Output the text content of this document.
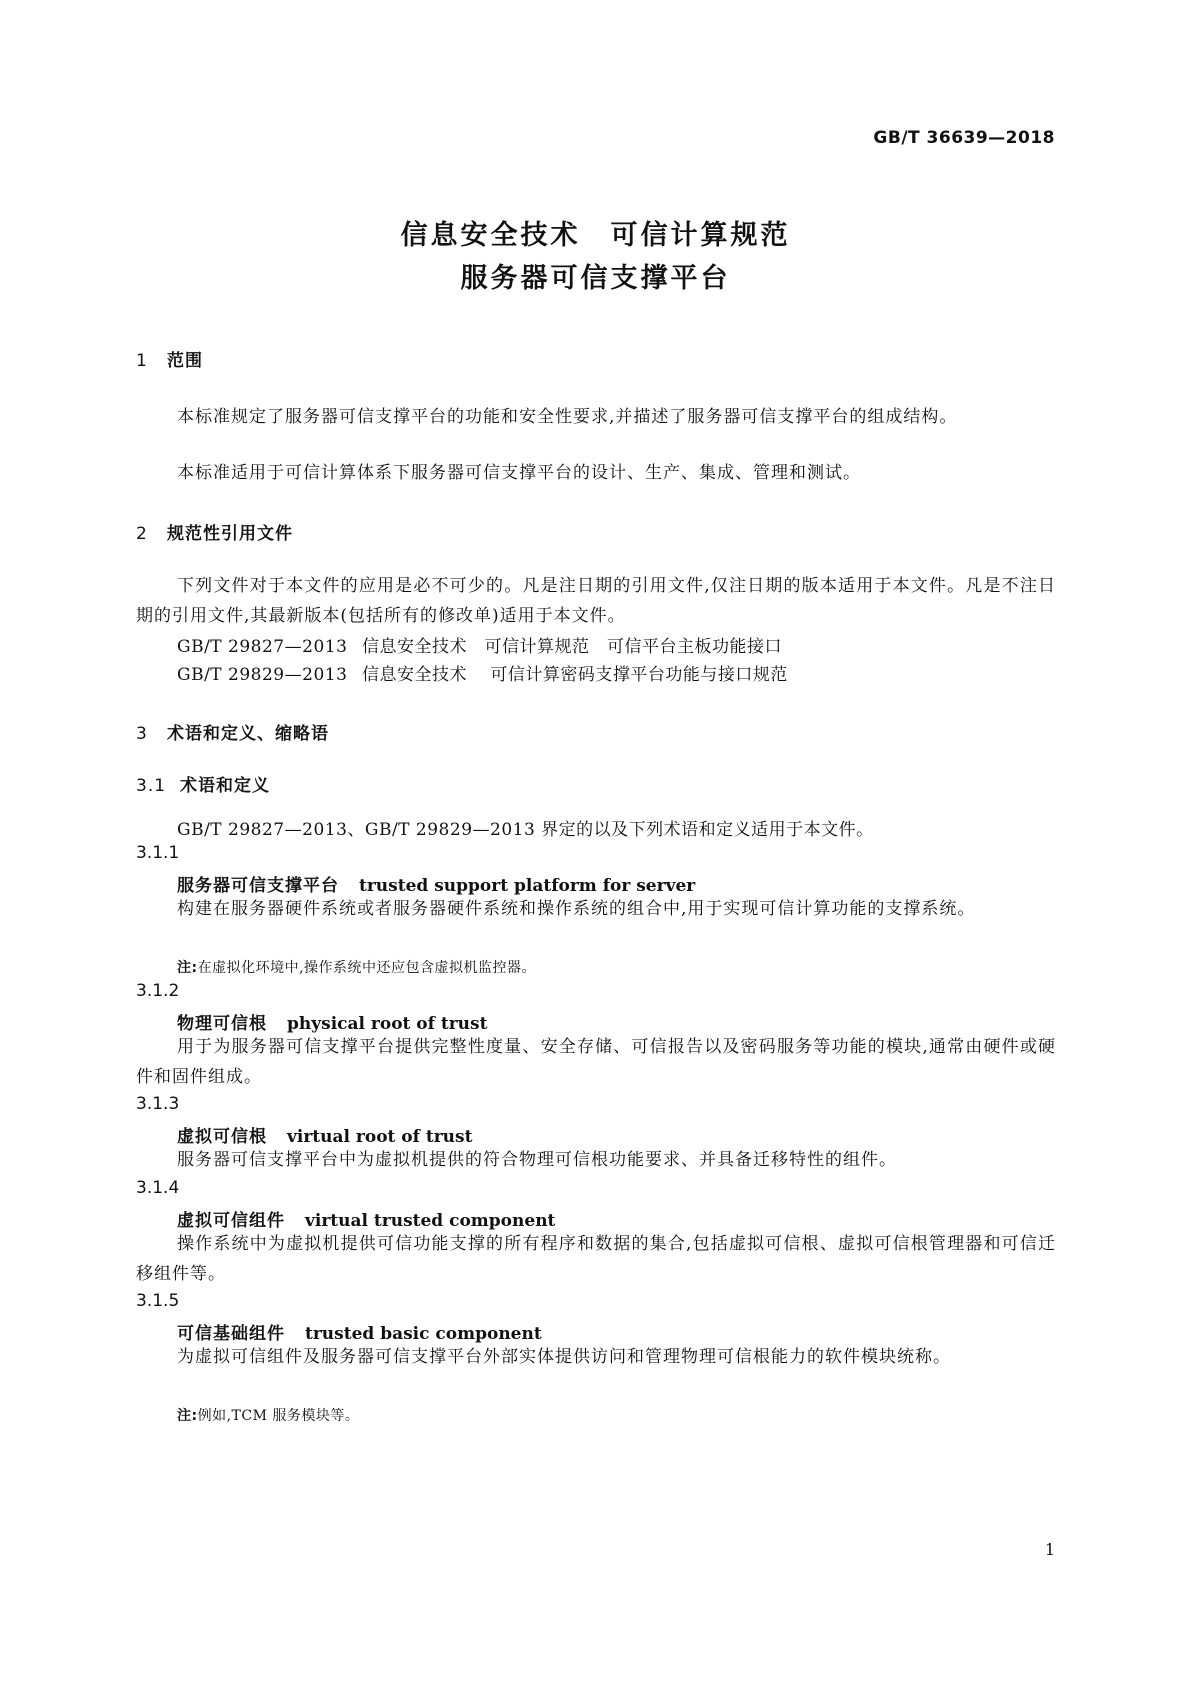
GB/T 36639—2018
信息安全技术　可信计算规范
服务器可信支撑平台
1 范围
本标准规定了服务器可信支撑平台的功能和安全性要求,并描述了服务器可信支撑平台的组成结构。
本标准适用于可信计算体系下服务器可信支撑平台的设计、生产、集成、管理和测试。
2 规范性引用文件
下列文件对于本文件的应用是必不可少的。凡是注日期的引用文件,仅注日期的版本适用于本文件。凡是不注日期的引用文件,其最新版本(包括所有的修改单)适用于本文件。
GB/T 29827—2013 信息安全技术　可信计算规范　可信平台主板功能接口
GB/T 29829—2013 信息安全技术　 可信计算密码支撑平台功能与接口规范
3 术语和定义、缩略语
3.1 术语和定义
GB/T 29827—2013、GB/T 29829—2013 界定的以及下列术语和定义适用于本文件。
3.1.1
服务器可信支撑平台 trusted support platform for server
构建在服务器硬件系统或者服务器硬件系统和操作系统的组合中,用于实现可信计算功能的支撑系统。
注:在虚拟化环境中,操作系统中还应包含虚拟机监控器。
3.1.2
物理可信根 physical root of trust
用于为服务器可信支撑平台提供完整性度量、安全存储、可信报告以及密码服务等功能的模块,通常由硬件或硬件和固件组成。
3.1.3
虚拟可信根 virtual root of trust
服务器可信支撑平台中为虚拟机提供的符合物理可信根功能要求、并具备迁移特性的组件。
3.1.4
虚拟可信组件 virtual trusted component
操作系统中为虚拟机提供可信功能支撑的所有程序和数据的集合,包括虚拟可信根、虚拟可信根管理器和可信迁移组件等。
3.1.5
可信基础组件 trusted basic component
为虚拟可信组件及服务器可信支撑平台外部实体提供访问和管理物理可信根能力的软件模块统称。
注:例如,TCM 服务模块等。
1
